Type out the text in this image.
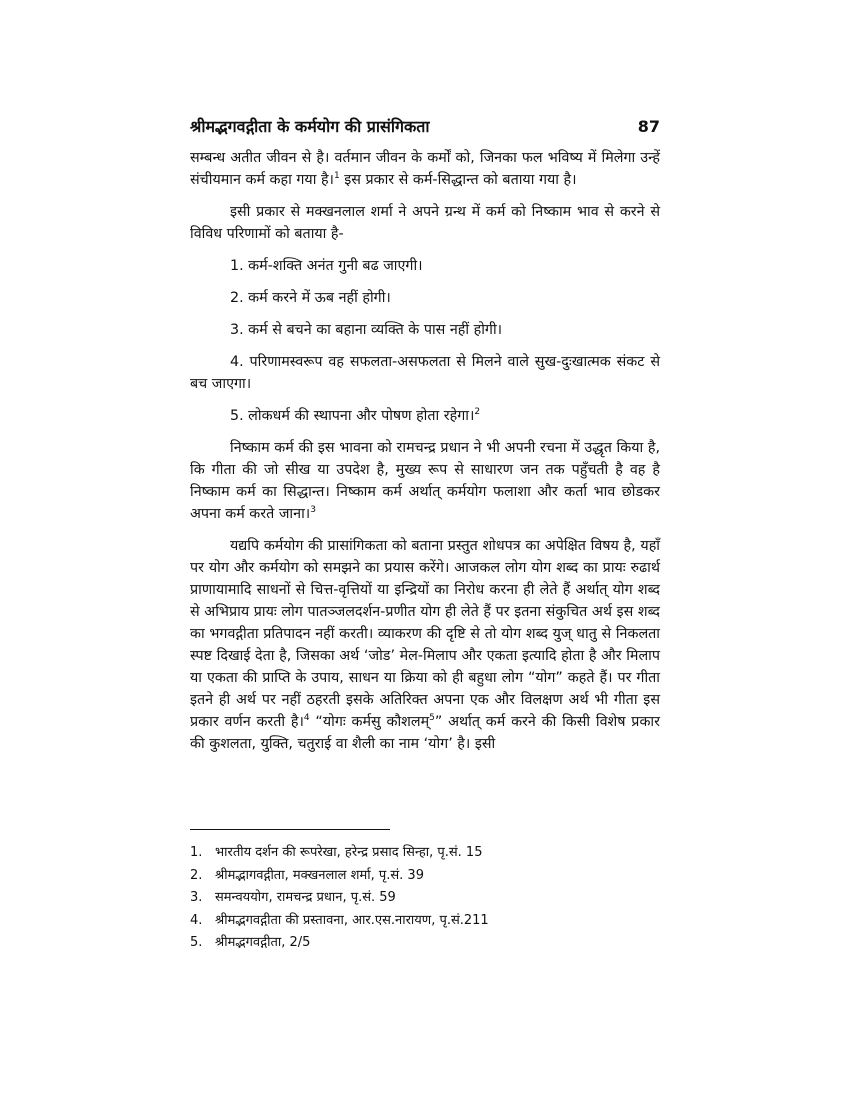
श्रीमद्भगवद्गीता के कर्मयोग की प्रासंगिकता	87

सम्बन्ध अतीत जीवन से है। वर्तमान जीवन के कर्मों को, जिनका फल भविष्य में मिलेगा उन्हें संचीयमान कर्म कहा गया है।$^1$ इस प्रकार से कर्म-सिद्धान्त को बताया गया है।

इसी प्रकार से मक्खनलाल शर्मा ने अपने ग्रन्थ में कर्म को निष्काम भाव से करने से विविध परिणामों को बताया है-

1. कर्म-शक्ति अनंत गुनी बढ जाएगी।

2. कर्म करने में ऊब नहीं होगी।

3. कर्म से बचने का बहाना व्यक्ति के पास नहीं होगी।

4. परिणामस्वरूप वह सफलता-असफलता से मिलने वाले सुख-दुःखात्मक संकट से बच जाएगा।

5. लोकधर्म की स्थापना और पोषण होता रहेगा।$^2$

निष्काम कर्म की इस भावना को रामचन्द्र प्रधान ने भी अपनी रचना में उद्धृत किया है, कि गीता की जो सीख या उपदेश है, मुख्य रूप से साधारण जन तक पहुँचती है वह है निष्काम कर्म का सिद्धान्त। निष्काम कर्म अर्थात् कर्मयोग फलाशा और कर्ता भाव छोडकर अपना कर्म करते जाना।$^3$

यद्यपि कर्मयोग की प्रासांगिकता को बताना प्रस्तुत शोधपत्र का अपेक्षित विषय है, यहाँ पर योग और कर्मयोग को समझने का प्रयास करेंगे। आजकल लोग योग शब्द का प्रायः रुढार्थ प्राणायामादि साधनों से चित्त-वृत्तियों या इन्द्रियों का निरोध करना ही लेते हैं अर्थात् योग शब्द से अभिप्राय प्रायः लोग पातञ्जलदर्शन-प्रणीत योग ही लेते हैं पर इतना संकुचित अर्थ इस शब्द का भगवद्गीता प्रतिपादन नहीं करती। व्याकरण की दृष्टि से तो योग शब्द युज् धातु से निकलता स्पष्ट दिखाई देता है, जिसका अर्थ ‘जोड’ मेल-मिलाप और एकता इत्यादि होता है और मिलाप या एकता की प्राप्ति के उपाय, साधन या क्रिया को ही बहुधा लोग “योग” कहते हैं। पर गीता इतने ही अर्थ पर नहीं ठहरती इसके अतिरिक्त अपना एक और विलक्षण अर्थ भी गीता इस प्रकार वर्णन करती है।$^4$ “योगः कर्मसु कौशलम्$^5$” अर्थात् कर्म करने की किसी विशेष प्रकार की कुशलता, युक्ति, चतुराई वा शैली का नाम ‘योग’ है। इसी

1. भारतीय दर्शन की रूपरेखा, हरेन्द्र प्रसाद सिन्हा, पृ.सं. 15
2. श्रीमद्भागवद्गीता, मक्खनलाल शर्मा, पृ.सं. 39
3. समन्वययोग, रामचन्द्र प्रधान, पृ.सं. 59
4. श्रीमद्भगवद्गीता की प्रस्तावना, आर.एस.नारायण, पृ.सं.211
5. श्रीमद्भगवद्गीता, 2/5
